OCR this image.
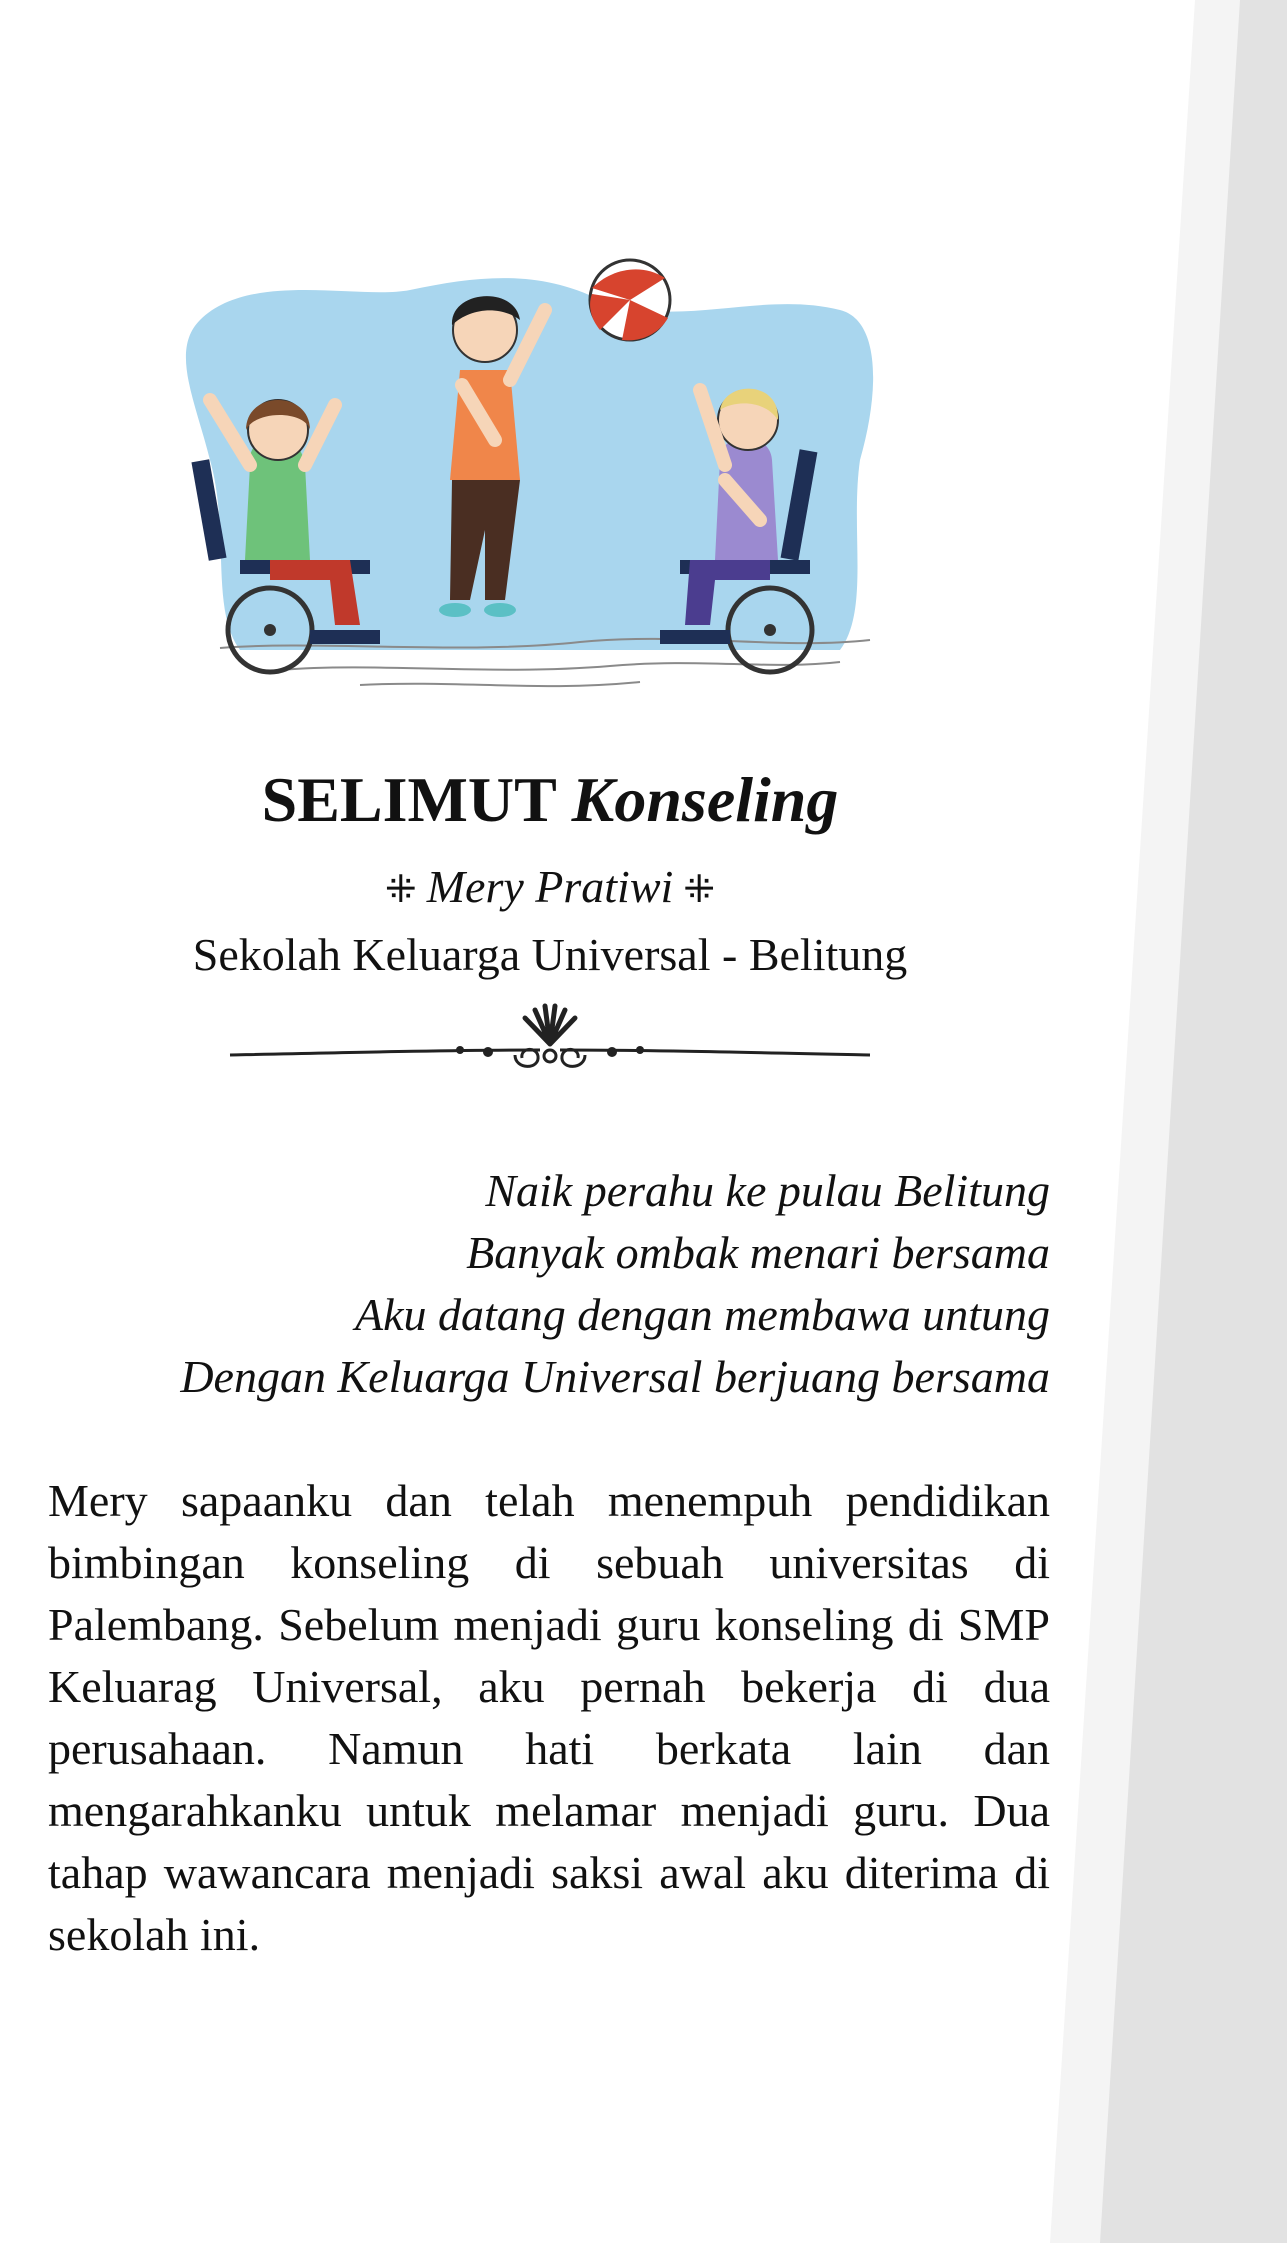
SELIMUT Konseling
⁜ Mery Pratiwi ⁜
Sekolah Keluarga Universal - Belitung
Naik perahu ke pulau Belitung
Banyak ombak menari bersama
Aku datang dengan membawa untung
Dengan Keluarga Universal berjuang bersama
Mery sapaanku dan telah menempuh pendidikan bimbingan konseling di sebuah universitas di Palembang. Sebelum menjadi guru konseling di SMP Keluarag Universal, aku pernah bekerja di dua perusahaan. Namun hati berkata lain dan mengarahkanku untuk melamar menjadi guru. Dua tahap wawancara menjadi saksi awal aku diterima di sekolah ini.
